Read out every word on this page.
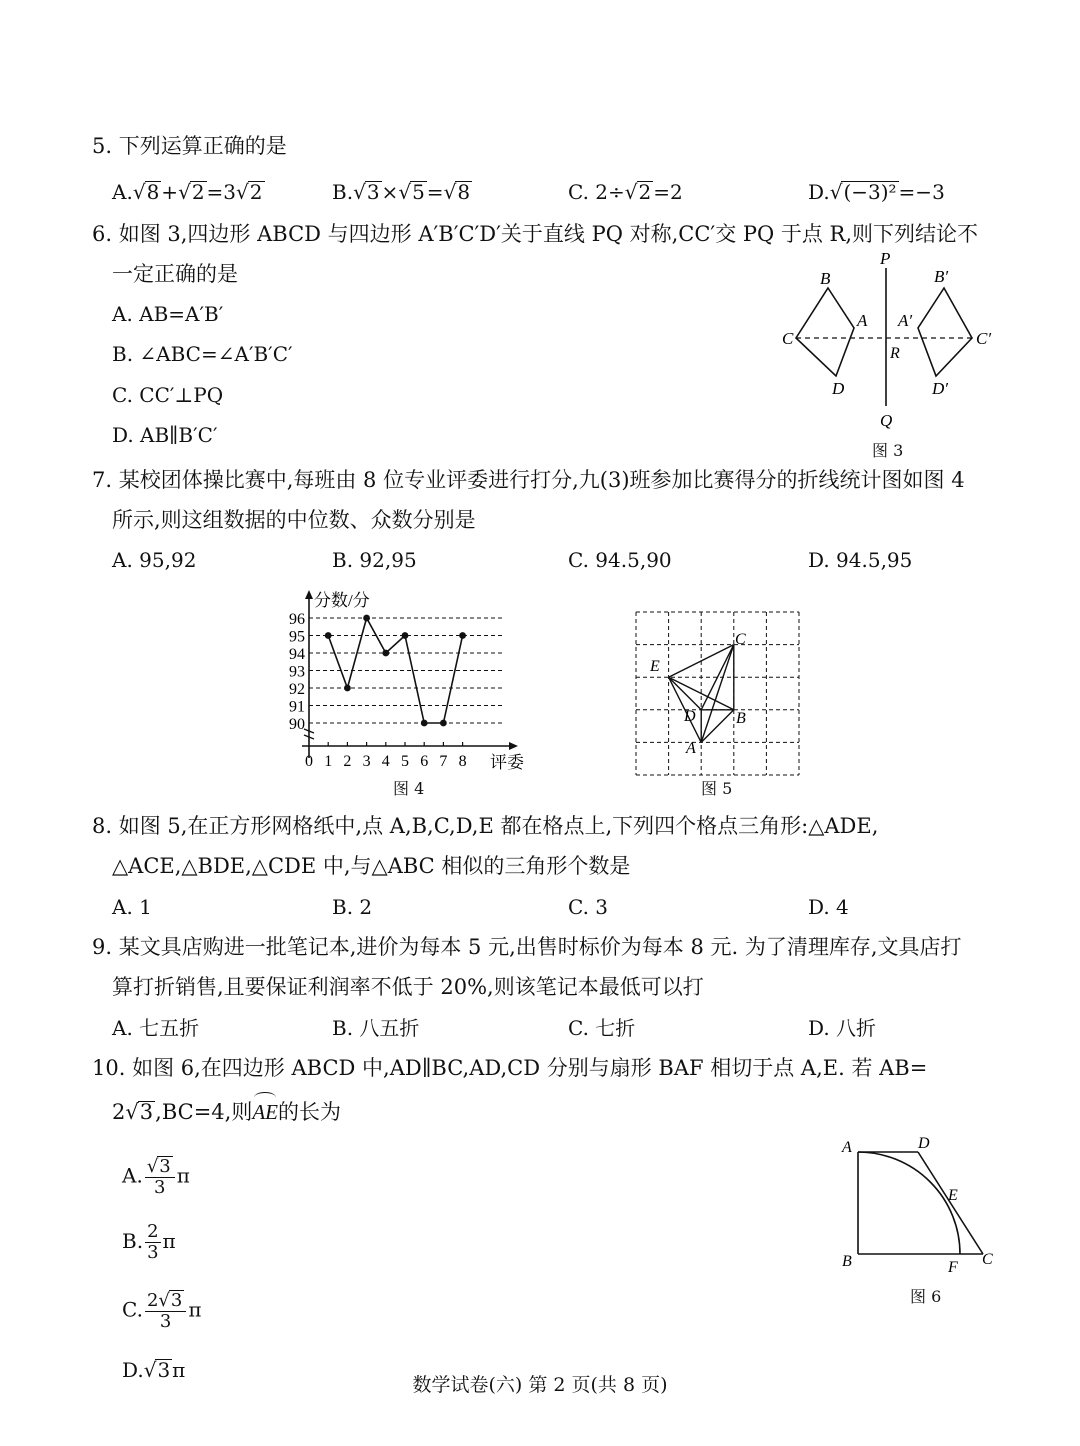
5. 下列运算正确的是
A.√8 +√2 =3√2	B.√3 ×√5 =√8	C. 2÷√2 =2	D.√(−3)² =−3
6. 如图 3,四边形 ABCD 与四边形 A′B′C′D′关于直线 PQ 对称,CC′交 PQ 于点 R,则下列结论不
一定正确的是
A. AB=A′B′
B. ∠ABC=∠A′B′C′
C. CC′⊥PQ
D. AB∥B′C′
P
Q
R
B
A
C
D
B′
A′
C′
D′
图 3
7. 某校团体操比赛中,每班由 8 位专业评委进行打分,九(3)班参加比赛得分的折线统计图如图 4
所示,则这组数据的中位数、众数分别是
A. 95,92	B. 92,95	C. 94.5,90	D. 94.5,95
90
91
92
93
94
95
96
0 1 2 3 4 5 6 7 8
分数/分
评委
图 4
C
E
D	B
A
图 5
8. 如图 5,在正方形网格纸中,点 A,B,C,D,E 都在格点上,下列四个格点三角形:△ADE,
△ACE,△BDE,△CDE 中,与△ABC 相似的三角形个数是
A. 1	B. 2	C. 3	D. 4
9. 某文具店购进一批笔记本,进价为每本 5 元,出售时标价为每本 8 元. 为了清理库存,文具店打
算打折销售,且要保证利润率不低于 20%,则该笔记本最低可以打
A. 七五折	B. 八五折	C. 七折	D. 八折
10. 如图 6,在四边形 ABCD 中,AD∥BC,AD,CD 分别与扇形 BAF 相切于点 A,E. 若 AB=
2√3,BC=4,则AE的长为
A. $\frac{√3}{3}$ π
B. $\frac{2}{3}$ π
C. $\frac{2√3}{3}$ π
D.√3 π
A	D
E
B	F C
图 6
数学试卷(六) 第 2 页(共 8 页)
